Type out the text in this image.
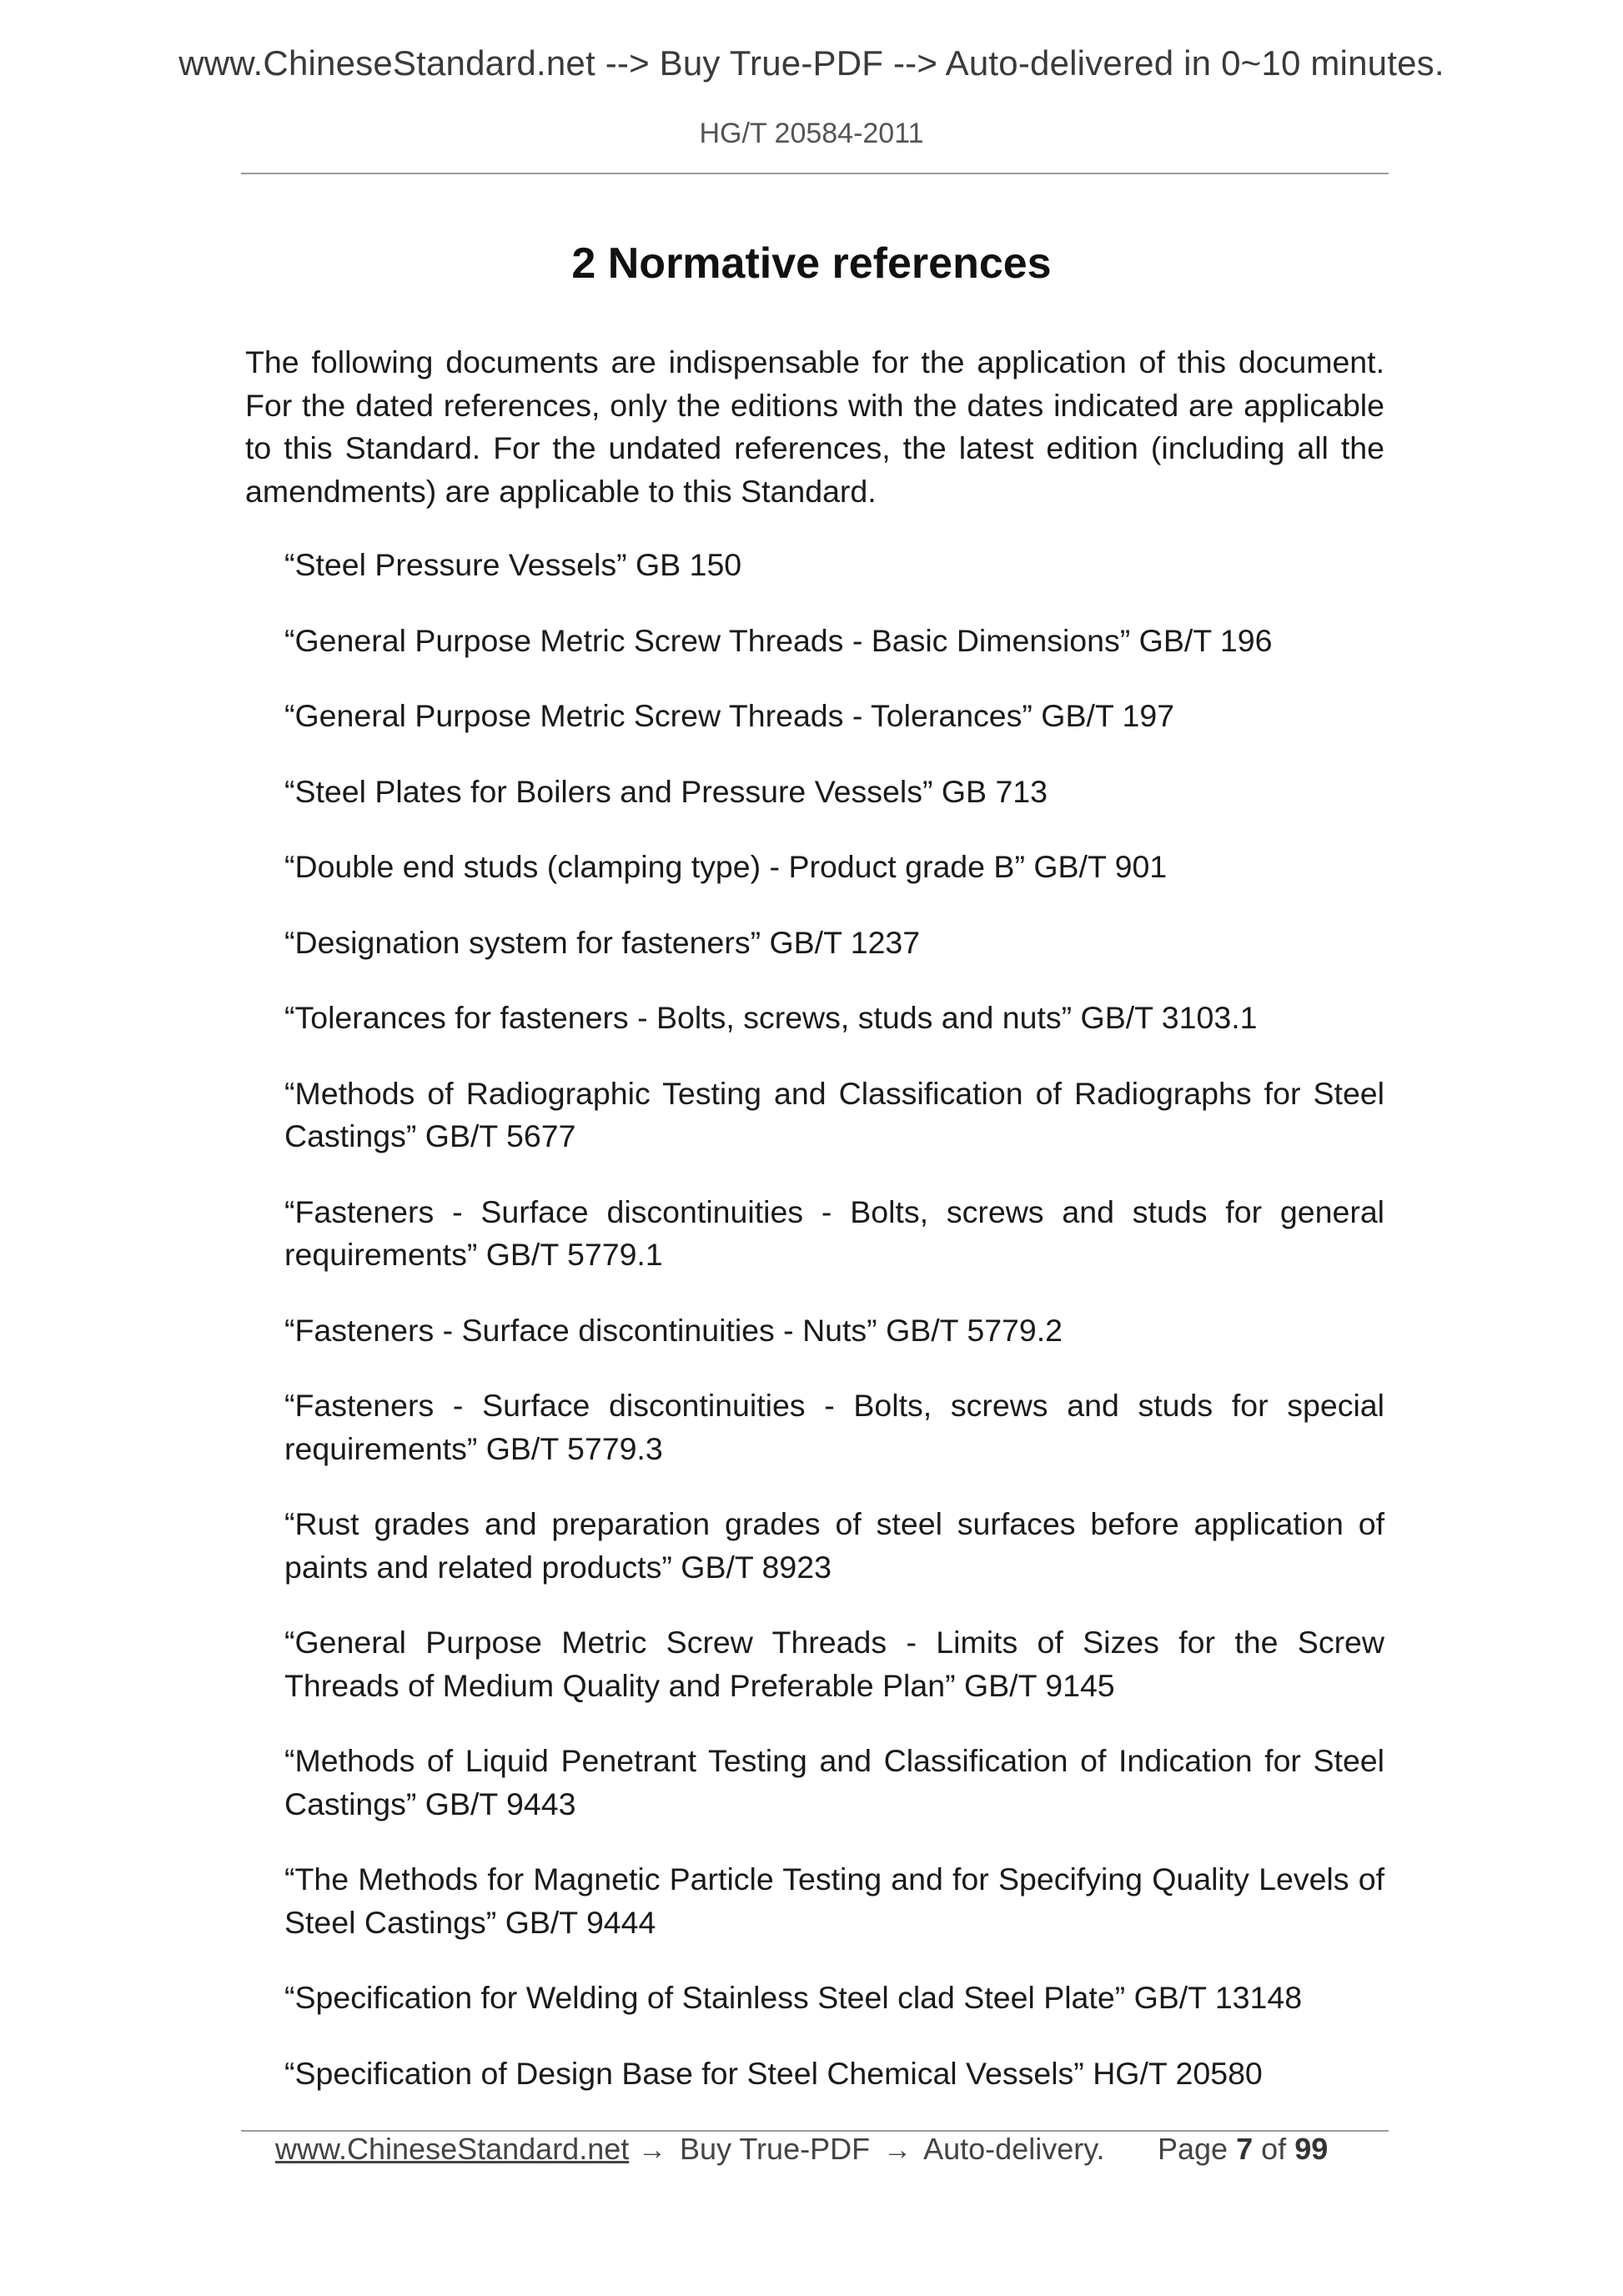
www.ChineseStandard.net --> Buy True-PDF --> Auto-delivered in 0~10 minutes.
HG/T 20584-2011
2 Normative references

The following documents are indispensable for the application of this document. For the dated references, only the editions with the dates indicated are applicable to this Standard. For the undated references, the latest edition (including all the amendments) are applicable to this Standard.

“Steel Pressure Vessels” GB 150
“General Purpose Metric Screw Threads - Basic Dimensions” GB/T 196
“General Purpose Metric Screw Threads - Tolerances” GB/T 197
“Steel Plates for Boilers and Pressure Vessels” GB 713
“Double end studs (clamping type) - Product grade B” GB/T 901
“Designation system for fasteners” GB/T 1237
“Tolerances for fasteners - Bolts, screws, studs and nuts” GB/T 3103.1
“Methods of Radiographic Testing and Classification of Radiographs for Steel Castings” GB/T 5677
“Fasteners - Surface discontinuities - Bolts, screws and studs for general requirements” GB/T 5779.1
“Fasteners - Surface discontinuities - Nuts” GB/T 5779.2
“Fasteners - Surface discontinuities - Bolts, screws and studs for special requirements” GB/T 5779.3
“Rust grades and preparation grades of steel surfaces before application of paints and related products” GB/T 8923
“General Purpose Metric Screw Threads - Limits of Sizes for the Screw Threads of Medium Quality and Preferable Plan” GB/T 9145
“Methods of Liquid Penetrant Testing and Classification of Indication for Steel Castings” GB/T 9443
“The Methods for Magnetic Particle Testing and for Specifying Quality Levels of Steel Castings” GB/T 9444
“Specification for Welding of Stainless Steel clad Steel Plate” GB/T 13148
“Specification of Design Base for Steel Chemical Vessels” HG/T 20580
www.ChineseStandard.net → Buy True-PDF → Auto-delivery. Page 7 of 99
